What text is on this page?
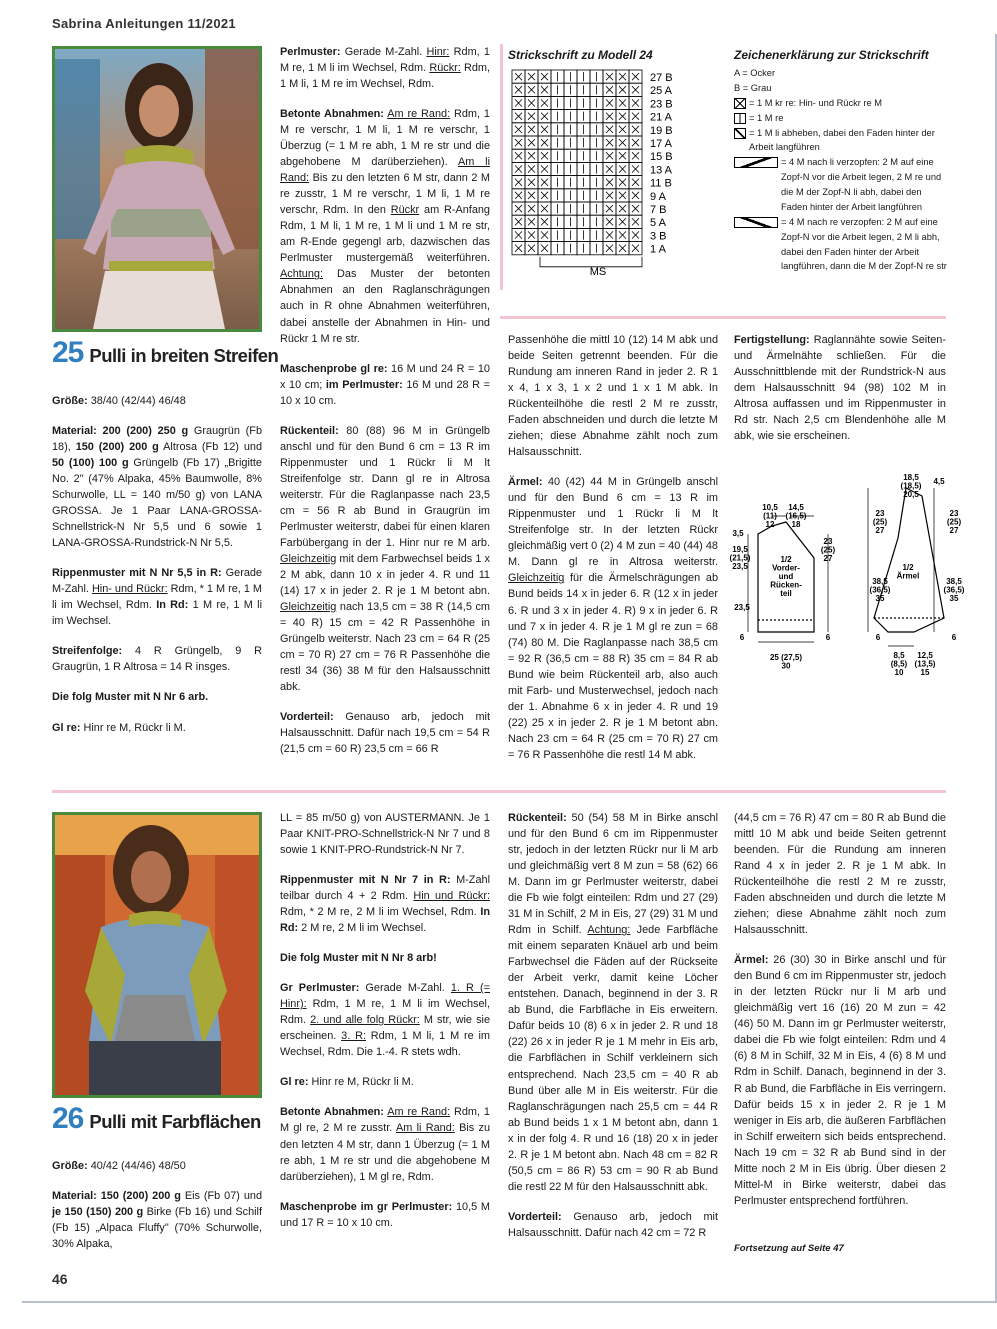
Sabrina Anleitungen 11/2021
46
25 Pulli in breiten Streifen

Größe: 38/40 (42/44) 46/48

Material: 200 (200) 250 g Graugrün (Fb 18), 150 (200) 200 g Altrosa (Fb 12) und 50 (100) 100 g Grüngelb (Fb 17) „Brigitte No. 2" (47% Alpaka, 45% Baumwolle, 8% Schurwolle, LL = 140 m/50 g) von LANA GROSSA. Je 1 Paar LANA-GROSSA-Schnellstrick-N Nr 5,5 und 6 sowie 1 LANA-GROSSA-Rundstrick-N Nr 5,5.

Rippenmuster mit N Nr 5,5 in R: Gerade M-Zahl. Hin- und Rückr: Rdm, * 1 M re, 1 M li im Wechsel, Rdm. In Rd: 1 M re, 1 M li im Wechsel.

Streifenfolge: 4 R Grüngelb, 9 R Graugrün, 1 R Altrosa = 14 R insges.

Die folg Muster mit N Nr 6 arb.

Gl re: Hinr re M, Rückr li M.

Perlmuster: Gerade M-Zahl. Hinr: Rdm, 1 M re, 1 M li im Wechsel, Rdm. Rückr: Rdm, 1 M li, 1 M re im Wechsel, Rdm.

Betonte Abnahmen: Am re Rand: Rdm, 1 M re verschr, 1 M li, 1 M re verschr, 1 Überzug (= 1 M re abh, 1 M re str und die abgehobene M darüberziehen). Am li Rand: Bis zu den letzten 6 M str, dann 2 M re zusstr, 1 M re verschr, 1 M li, 1 M re verschr, Rdm. In den Rückr am R-Anfang Rdm, 1 M li, 1 M re, 1 M li und 1 M re str, am R-Ende gegengl arb, dazwischen das Perlmuster mustergemäß weiterführen. Achtung: Das Muster der betonten Abnahmen an den Raglanschrägungen auch in R ohne Abnahmen weiterführen, dabei anstelle der Abnahmen in Hin- und Rückr 1 M re str.

Maschenprobe gl re: 16 M und 24 R = 10 x 10 cm; im Perlmuster: 16 M und 28 R = 10 x 10 cm.

Rückenteil: 80 (88) 96 M in Grüngelb anschl und für den Bund 6 cm = 13 R im Rippenmuster und 1 Rückr li M lt Streifenfolge str. Dann gl re in Altrosa weiterstr. Für die Raglanpasse nach 23,5 cm = 56 R ab Bund in Graugrün im Perlmuster weiterstr, dabei für einen klaren Farbübergang in der 1. Hinr nur re M arb. Gleichzeitig mit dem Farbwechsel beids 1 x 2 M abk, dann 10 x in jeder 4. R und 11 (14) 17 x in jeder 2. R je 1 M betont abn. Gleichzeitig nach 13,5 cm = 38 R (14,5 cm = 40 R) 15 cm = 42 R Passenhöhe in Grüngelb weiterstr. Nach 23 cm = 64 R (25 cm = 70 R) 27 cm = 76 R Passenhöhe die restl 34 (36) 38 M für den Halsausschnitt abk.

Vorderteil: Genauso arb, jedoch mit Halsausschnitt. Dafür nach 19,5 cm = 54 R (21,5 cm = 60 R) 23,5 cm = 66 R

Strickschrift zu Modell 24
27 B
25 A
23 B
21 A
19 B
17 A
15 B
13 A
11 B
9 A
7 B
5 A
3 B
1 A
MS
Zeichenerklärung zur Strickschrift
A = Ocker
B = Grau
= 1 M kr re: Hin- und Rückr re M
= 1 M re
= 1 M li abheben, dabei den Faden hinter der Arbeit langführen
= 4 M nach li verzopfen: 2 M auf eine Zopf-N vor die Arbeit legen, 2 M re und die M der Zopf-N li abh, dabei den Faden hinter der Arbeit langführen
= 4 M nach re verzopfen: 2 M auf eine Zopf-N vor die Arbeit legen, 2 M li abh, dabei den Faden hinter der Arbeit langführen, dann die M der Zopf-N re str

Passenhöhe die mittl 10 (12) 14 M abk und beide Seiten getrennt beenden. Für die Rundung am inneren Rand in jeder 2. R 1 x 4, 1 x 3, 1 x 2 und 1 x 1 M abk. In Rückenteilhöhe die restl 2 M re zusstr, Faden abschneiden und durch die letzte M ziehen; diese Abnahme zählt noch zum Halsausschnitt.

Ärmel: 40 (42) 44 M in Grüngelb anschl und für den Bund 6 cm = 13 R im Rippenmuster und 1 Rückr li M lt Streifenfolge str. In der letzten Rückr gleichmäßig vert 0 (2) 4 M zun = 40 (44) 48 M. Dann gl re in Altrosa weiterstr. Gleichzeitig für die Ärmelschrägungen ab Bund beids 14 x in jeder 6. R (12 x in jeder 6. R und 3 x in jeder 4. R) 9 x in jeder 6. R und 7 x in jeder 4. R je 1 M gl re zun = 68 (74) 80 M. Die Raglanpasse nach 38,5 cm = 92 R (36,5 cm = 88 R) 35 cm = 84 R ab Bund wie beim Rückenteil arb, also auch mit Farb- und Musterwechsel, jedoch nach der 1. Abnahme 6 x in jeder 4. R und 19 (22) 25 x in jeder 2. R je 1 M betont abn. Nach 23 cm = 64 R (25 cm = 70 R) 27 cm = 76 R Passenhöhe die restl 14 M abk.

Fertigstellung: Raglannähte sowie Seiten- und Ärmelnähte schließen. Für die Ausschnittblende mit der Rundstrick-N aus dem Halsausschnitt 94 (98) 102 M in Altrosa auffassen und im Rippenmuster in Rd str. Nach 2,5 cm Blendenhöhe alle M abk, wie sie erscheinen.

1/2
Vorder-
und
Rücken-
teil
1/2
Ärmel
10,5
(11)
12
14,5
(16,5)
18
3,5
19,5
(21,5)
23,5
23,5
6
23
(25)
27
6
25 (27,5)
30
18,5
(18,5)
20,5
4,5
23
(25)
27
38,5
(36,5)
35
6
23
(25)
27
38,5
(36,5)
35
6
8,5
(8,5)
10
12,5
(13,5)
15
26 Pulli mit Farbflächen

Größe: 40/42 (44/46) 48/50

Material: 150 (200) 200 g Eis (Fb 07) und je 150 (150) 200 g Birke (Fb 16) und Schilf (Fb 15) „Alpaca Fluffy" (70% Schurwolle, 30% Alpaka,

LL = 85 m/50 g) von AUSTERMANN. Je 1 Paar KNIT-PRO-Schnellstrick-N Nr 7 und 8 sowie 1 KNIT-PRO-Rundstrick-N Nr 7.

Rippenmuster mit N Nr 7 in R: M-Zahl teilbar durch 4 + 2 Rdm. Hin und Rückr: Rdm, * 2 M re, 2 M li im Wechsel, Rdm. In Rd: 2 M re, 2 M li im Wechsel.

Die folg Muster mit N Nr 8 arb!

Gr Perlmuster: Gerade M-Zahl. 1. R (= Hinr): Rdm, 1 M re, 1 M li im Wechsel, Rdm. 2. und alle folg Rückr: M str, wie sie erscheinen. 3. R: Rdm, 1 M li, 1 M re im Wechsel, Rdm. Die 1.-4. R stets wdh.

Gl re: Hinr re M, Rückr li M.

Betonte Abnahmen: Am re Rand: Rdm, 1 M gl re, 2 M re zusstr. Am li Rand: Bis zu den letzten 4 M str, dann 1 Überzug (= 1 M re abh, 1 M re str und die abgehobene M darüberziehen), 1 M gl re, Rdm.

Maschenprobe im gr Perlmuster: 10,5 M und 17 R = 10 x 10 cm.

Rückenteil: 50 (54) 58 M in Birke anschl und für den Bund 6 cm im Rippenmuster str, jedoch in der letzten Rückr nur li M arb und gleichmäßig vert 8 M zun = 58 (62) 66 M. Dann im gr Perlmuster weiterstr, dabei die Fb wie folgt einteilen: Rdm und 27 (29) 31 M in Schilf, 2 M in Eis, 27 (29) 31 M und Rdm in Schilf. Achtung: Jede Farbfläche mit einem separaten Knäuel arb und beim Farbwechsel die Fäden auf der Rückseite der Arbeit verkr, damit keine Löcher entstehen. Danach, beginnend in der 3. R ab Bund, die Farbfläche in Eis erweitern. Dafür beids 10 (8) 6 x in jeder 2. R und 18 (22) 26 x in jeder R je 1 M mehr in Eis arb, die Farbflächen in Schilf verkleinern sich entsprechend. Nach 23,5 cm = 40 R ab Bund über alle M in Eis weiterstr. Für die Raglanschrägungen nach 25,5 cm = 44 R ab Bund beids 1 x 1 M betont abn, dann 1 x in der folg 4. R und 16 (18) 20 x in jeder 2. R je 1 M betont abn. Nach 48 cm = 82 R (50,5 cm = 86 R) 53 cm = 90 R ab Bund die restl 22 M für den Halsausschnitt abk.

Vorderteil: Genauso arb, jedoch mit Halsausschnitt. Dafür nach 42 cm = 72 R

(44,5 cm = 76 R) 47 cm = 80 R ab Bund die mittl 10 M abk und beide Seiten getrennt beenden. Für die Rundung am inneren Rand 4 x in jeder 2. R je 1 M abk. In Rückenteilhöhe die restl 2 M re zusstr, Faden abschneiden und durch die letzte M ziehen; diese Abnahme zählt noch zum Halsausschnitt.

Ärmel: 26 (30) 30 in Birke anschl und für den Bund 6 cm im Rippenmuster str, jedoch in der letzten Rückr nur li M arb und gleichmäßig vert 16 (16) 20 M zun = 42 (46) 50 M. Dann im gr Perlmuster weiterstr, dabei die Fb wie folgt einteilen: Rdm und 4 (6) 8 M in Schilf, 32 M in Eis, 4 (6) 8 M und Rdm in Schilf. Danach, beginnend in der 3. R ab Bund, die Farbfläche in Eis verringern. Dafür beids 15 x in jeder 2. R je 1 M weniger in Eis arb, die äußeren Farbflächen in Schilf erweitern sich beids entsprechend. Nach 19 cm = 32 R ab Bund sind in der Mitte noch 2 M in Eis übrig. Über diesen 2 Mittel-M in Birke weiterstr, dabei das Perlmuster entsprechend fortführen.

Fortsetzung auf Seite 47
